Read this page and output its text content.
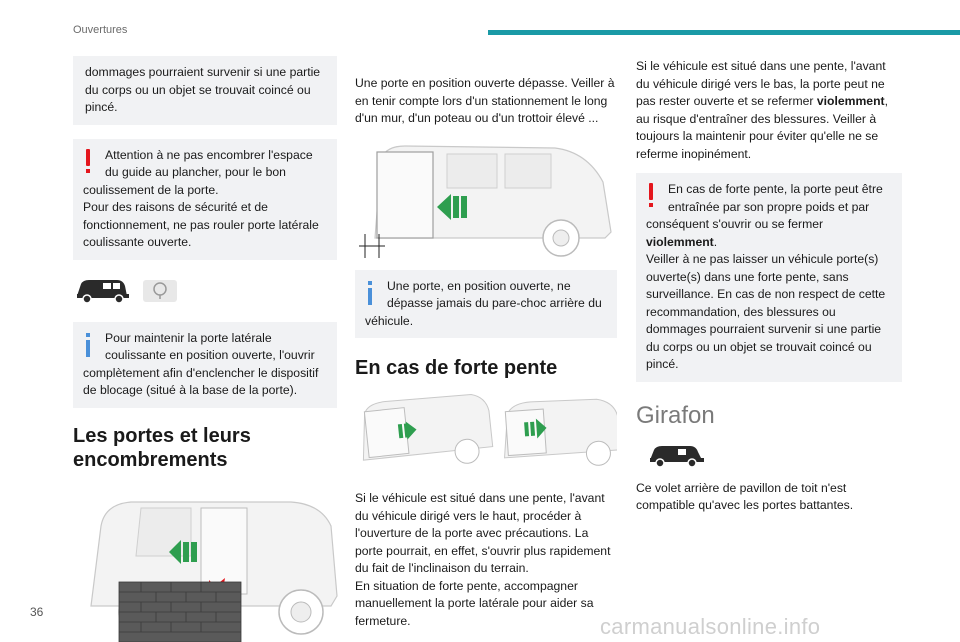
Ouvertures
dommages pourraient survenir si une partie du corps ou un objet se trouvait coincé ou pincé.
Attention à ne pas encombrer l'espace du guide au plancher, pour le bon
coulissement de la porte.
Pour des raisons de sécurité et de fonctionnement, ne pas rouler porte latérale coulissante ouverte.
Pour maintenir la porte latérale coulissante en position ouverte, l'ouvrir
complètement afin d'enclencher le dispositif de blocage (situé à la base de la porte).
Les portes et leurs encombrements

Une porte en position ouverte dépasse. Veiller à en tenir compte lors d'un stationnement le long d'un mur, d'un poteau ou d'un trottoir élevé ...

Une porte, en position ouverte, ne dépasse jamais du pare-choc arrière du
véhicule.
En cas de forte pente

Si le véhicule est situé dans une pente, l'avant du véhicule dirigé vers le haut, procéder à l'ouverture de la porte avec précautions. La porte pourrait, en effet, s'ouvrir plus rapidement du fait de l'inclinaison du terrain.

En situation de forte pente, accompagner manuellement la porte latérale pour aider sa fermeture.

Si le véhicule est situé dans une pente, l'avant du véhicule dirigé vers le bas, la porte peut ne pas rester ouverte et se refermer violemment, au risque d'entraîner des blessures. Veiller à toujours la maintenir pour éviter qu'elle ne se referme inopinément.

En cas de forte pente, la porte peut être entraînée par son propre poids et par
conséquent s'ouvrir ou se fermer
violemment.
Veiller à ne pas laisser un véhicule porte(s) ouverte(s) dans une forte pente, sans surveillance. En cas de non respect de cette recommandation, des blessures ou dommages pourraient survenir si une partie du corps ou un objet se trouvait coincé ou pincé.
Girafon

Ce volet arrière de pavillon de toit n'est compatible qu'avec les portes battantes.

36
carmanualsonline.info
